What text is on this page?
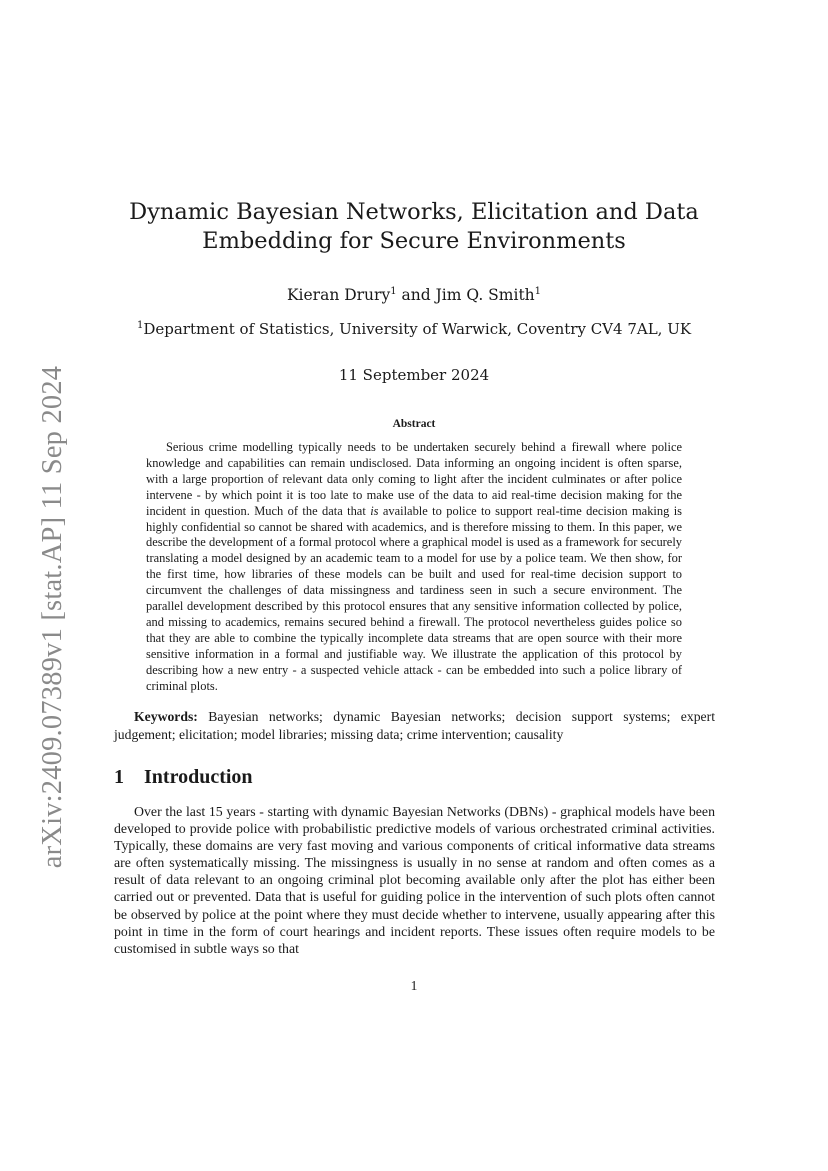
arXiv:2409.07389v1 [stat.AP] 11 Sep 2024
Dynamic Bayesian Networks, Elicitation and Data
Embedding for Secure Environments
Kieran Drury$^1$ and Jim Q. Smith$^1$
$^1$Department of Statistics, University of Warwick, Coventry CV4 7AL, UK
11 September 2024
Abstract
Serious crime modelling typically needs to be undertaken securely behind a firewall where police knowledge and capabilities can remain undisclosed. Data informing an ongoing incident is often sparse, with a large proportion of relevant data only coming to light after the incident culminates or after police intervene - by which point it is too late to make use of the data to aid real-time decision making for the incident in question. Much of the data that is available to police to support real-time decision making is highly confidential so cannot be shared with academics, and is therefore missing to them. In this paper, we describe the development of a formal protocol where a graphical model is used as a framework for securely translating a model designed by an academic team to a model for use by a police team. We then show, for the first time, how libraries of these models can be built and used for real-time decision support to circumvent the challenges of data missingness and tardiness seen in such a secure environment. The parallel development described by this protocol ensures that any sensitive information collected by police, and missing to academics, remains secured behind a firewall. The protocol nevertheless guides police so that they are able to combine the typically incomplete data streams that are open source with their more sensitive information in a formal and justifiable way. We illustrate the application of this protocol by describing how a new entry - a suspected vehicle attack - can be embedded into such a police library of criminal plots.
Keywords: Bayesian networks; dynamic Bayesian networks; decision support systems; expert judgement; elicitation; model libraries; missing data; crime intervention; causality
1 Introduction
Over the last 15 years - starting with dynamic Bayesian Networks (DBNs) - graphical models have been developed to provide police with probabilistic predictive models of various orchestrated criminal activities. Typically, these domains are very fast moving and various components of critical informative data streams are often systematically missing. The missingness is usually in no sense at random and often comes as a result of data relevant to an ongoing criminal plot becoming available only after the plot has either been carried out or prevented. Data that is useful for guiding police in the intervention of such plots often cannot be observed by police at the point where they must decide whether to intervene, usually appearing after this point in time in the form of court hearings and incident reports. These issues often require models to be customised in subtle ways so that
1
